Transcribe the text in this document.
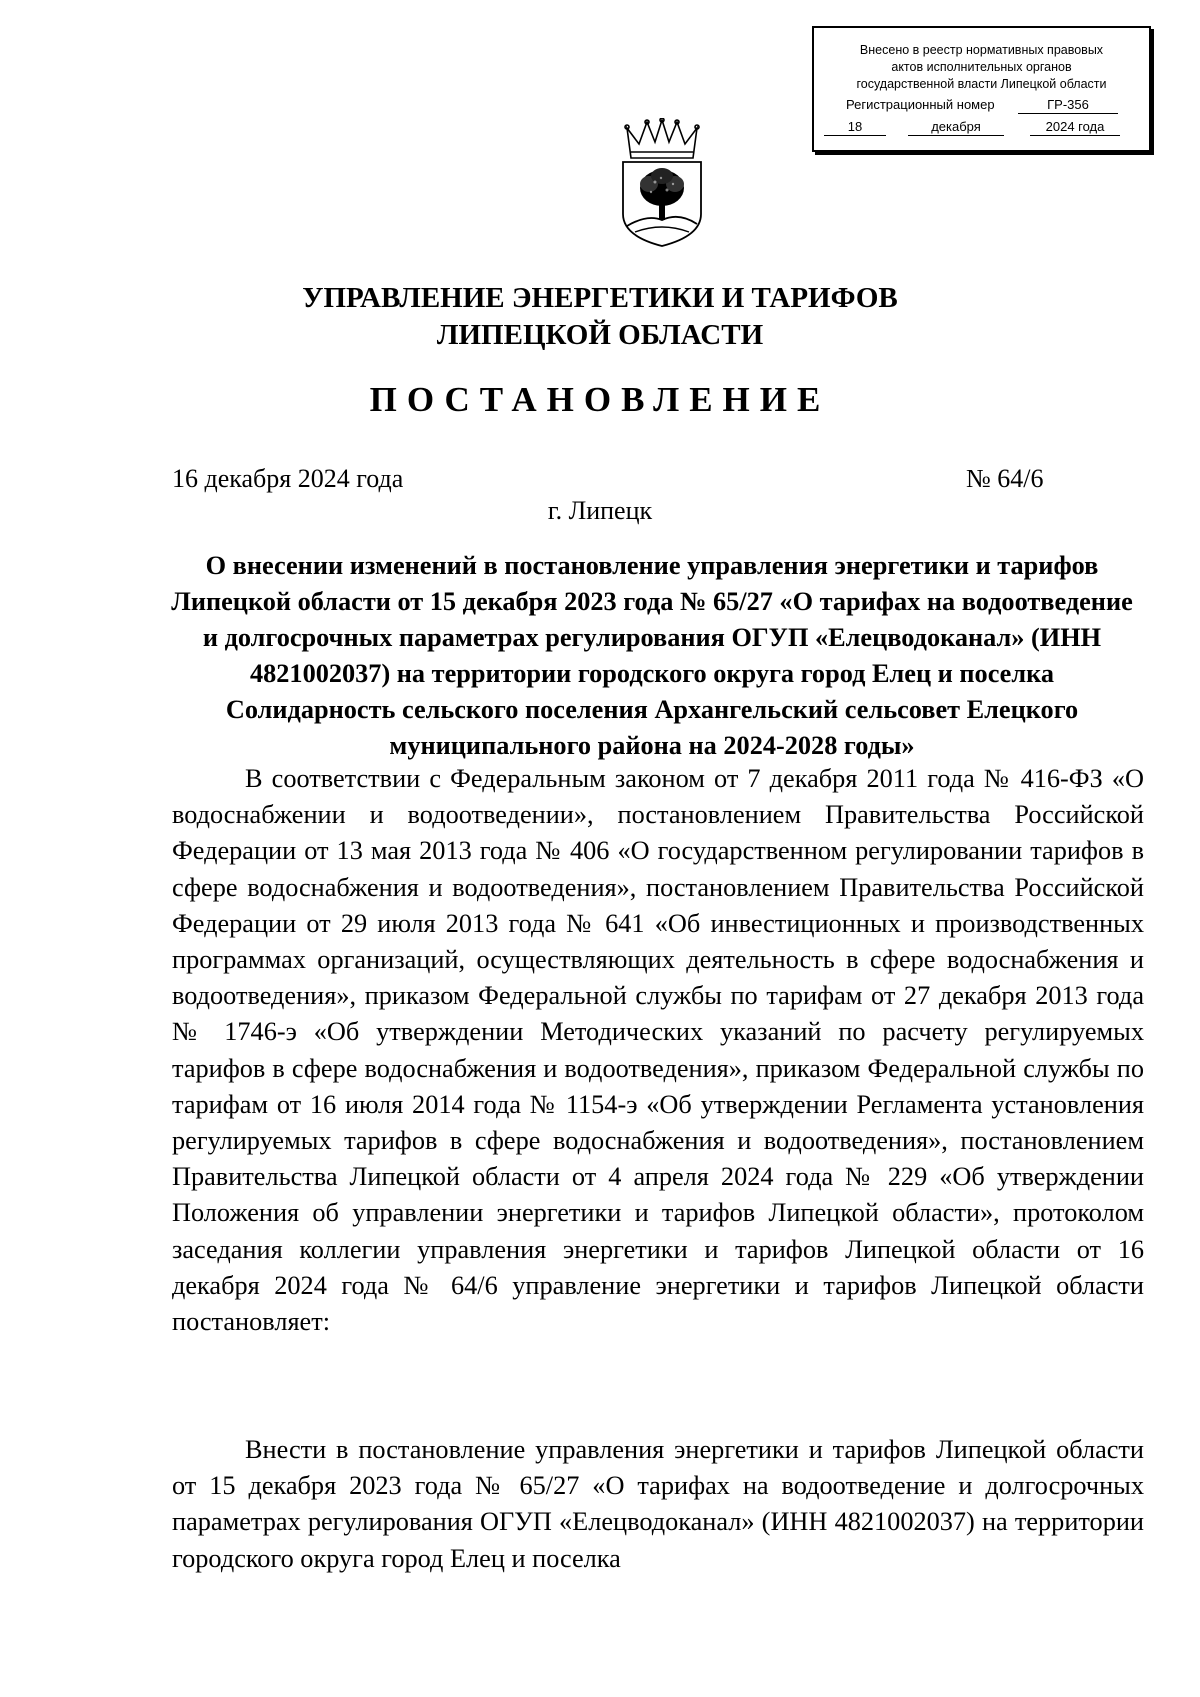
Внесено в реестр нормативных правовых
актов исполнительных органов
государственной власти Липецкой области
Регистрационный номер	ГР-356
18	декабря	2024 года
УПРАВЛЕНИЕ ЭНЕРГЕТИКИ И ТАРИФОВ
ЛИПЕЦКОЙ ОБЛАСТИ
ПОСТАНОВЛЕНИЕ
16 декабря 2024 года	№ 64/6
г. Липецк
О внесении изменений в постановление управления энергетики и тарифов Липецкой области от 15 декабря 2023 года № 65/27 «О тарифах на водоотведение и долгосрочных параметрах регулирования ОГУП «Елецводоканал» (ИНН 4821002037) на территории городского округа город Елец и поселка Солидарность сельского поселения Архангельский сельсовет Елецкого муниципального района на 2024-2028 годы»

В соответствии с Федеральным законом от 7 декабря 2011 года № 416-ФЗ «О водоснабжении и водоотведении», постановлением Правительства Российской Федерации от 13 мая 2013 года № 406 «О государственном регулировании тарифов в сфере водоснабжения и водоотведения», постановлением Правительства Российской Федерации от 29 июля 2013 года № 641 «Об инвестиционных и производственных программах организаций, осуществляющих деятельность в сфере водоснабжения и водоотведения», приказом Федеральной службы по тарифам от 27 декабря 2013 года № 1746-э «Об утверждении Методических указаний по расчету регулируемых тарифов в сфере водоснабжения и водоотведения», приказом Федеральной службы по тарифам от 16 июля 2014 года № 1154-э «Об утверждении Регламента установления регулируемых тарифов в сфере водоснабжения и водоотведения», постановлением Правительства Липецкой области от 4 апреля 2024 года № 229 «Об утверждении Положения об управлении энергетики и тарифов Липецкой области», протоколом заседания коллегии управления энергетики и тарифов Липецкой области от 16 декабря 2024 года № 64/6 управление энергетики и тарифов Липецкой области постановляет:

Внести в постановление управления энергетики и тарифов Липецкой области от 15 декабря 2023 года № 65/27 «О тарифах на водоотведение и долгосрочных параметрах регулирования ОГУП «Елецводоканал» (ИНН 4821002037) на территории городского округа город Елец и поселка
